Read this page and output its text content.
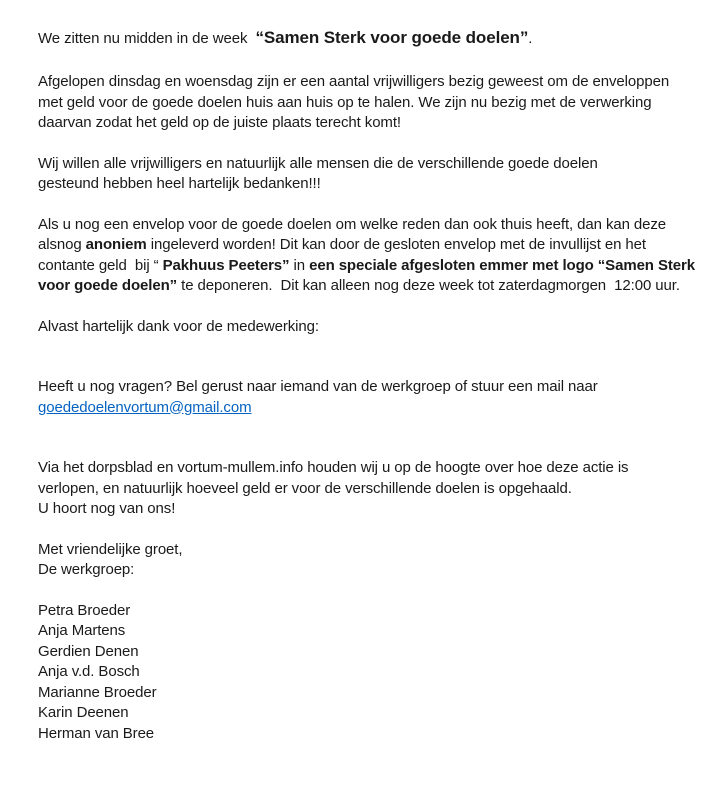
We zitten nu midden in de week  “Samen Sterk voor goede doelen”.
Afgelopen dinsdag en woensdag zijn er een aantal vrijwilligers bezig geweest om de enveloppen
met geld voor de goede doelen huis aan huis op te halen. We zijn nu bezig met de verwerking
daarvan zodat het geld op de juiste plaats terecht komt!
Wij willen alle vrijwilligers en natuurlijk alle mensen die de verschillende goede doelen
gesteund hebben heel hartelijk bedanken!!!
Als u nog een envelop voor de goede doelen om welke reden dan ook thuis heeft, dan kan deze
alsnog anoniem ingeleverd worden! Dit kan door de gesloten envelop met de invullijst en het
contante geld  bij “ Pakhuus Peeters” in een speciale afgesloten emmer met logo “Samen Sterk
voor goede doelen” te deponeren.  Dit kan alleen nog deze week tot zaterdagmorgen  12:00 uur.
Alvast hartelijk dank voor de medewerking:
Heeft u nog vragen? Bel gerust naar iemand van de werkgroep of stuur een mail naar
goededoelenvortum@gmail.com
Via het dorpsblad en vortum-mullem.info houden wij u op de hoogte over hoe deze actie is
verlopen, en natuurlijk hoeveel geld er voor de verschillende doelen is opgehaald.
U hoort nog van ons!
Met vriendelijke groet,
De werkgroep:
Petra Broeder
Anja Martens
Gerdien Denen
Anja v.d. Bosch
Marianne Broeder
Karin Deenen
Herman van Bree
